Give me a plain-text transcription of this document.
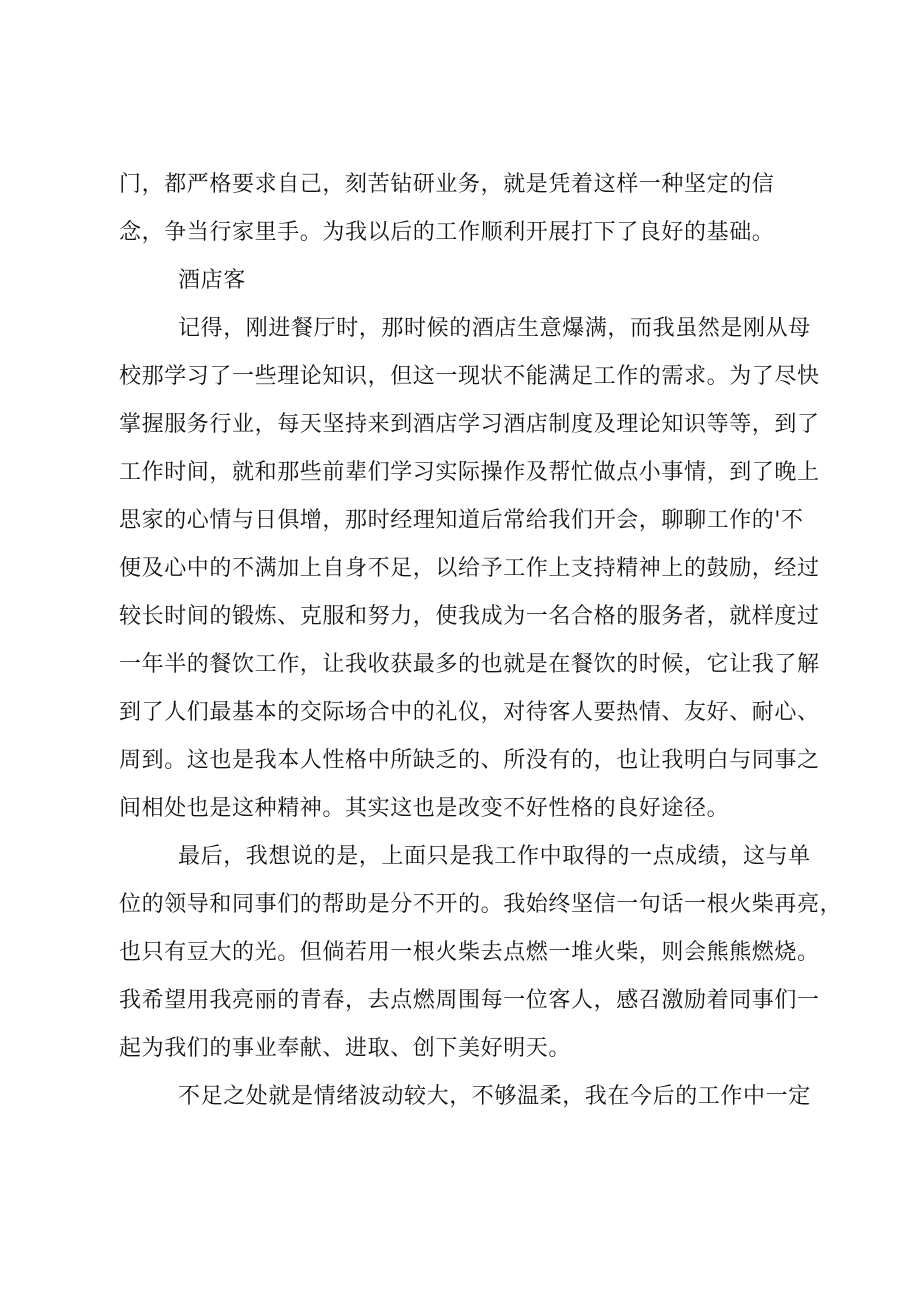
门，都严格要求自己，刻苦钻研业务，就是凭着这样一种坚定的信
念，争当行家里手。为我以后的工作顺利开展打下了良好的基础。
酒店客
记得，刚进餐厅时，那时候的酒店生意爆满，而我虽然是刚从母
校那学习了一些理论知识，但这一现状不能满足工作的需求。为了尽快
掌握服务行业，每天坚持来到酒店学习酒店制度及理论知识等等，到了
工作时间，就和那些前辈们学习实际操作及帮忙做点小事情，到了晚上
思家的心情与日俱增，那时经理知道后常给我们开会，聊聊工作的'不
便及心中的不满加上自身不足，以给予工作上支持精神上的鼓励，经过
较长时间的锻炼、克服和努力，使我成为一名合格的服务者，就样度过
一年半的餐饮工作，让我收获最多的也就是在餐饮的时候，它让我了解
到了人们最基本的交际场合中的礼仪，对待客人要热情、友好、耐心、
周到。这也是我本人性格中所缺乏的、所没有的，也让我明白与同事之
间相处也是这种精神。其实这也是改变不好性格的良好途径。
最后，我想说的是，上面只是我工作中取得的一点成绩，这与单
位的领导和同事们的帮助是分不开的。我始终坚信一句话一根火柴再亮，
也只有豆大的光。但倘若用一根火柴去点燃一堆火柴，则会熊熊燃烧。
我希望用我亮丽的青春，去点燃周围每一位客人，感召激励着同事们一
起为我们的事业奉献、进取、创下美好明天。
不足之处就是情绪波动较大，不够温柔，我在今后的工作中一定
